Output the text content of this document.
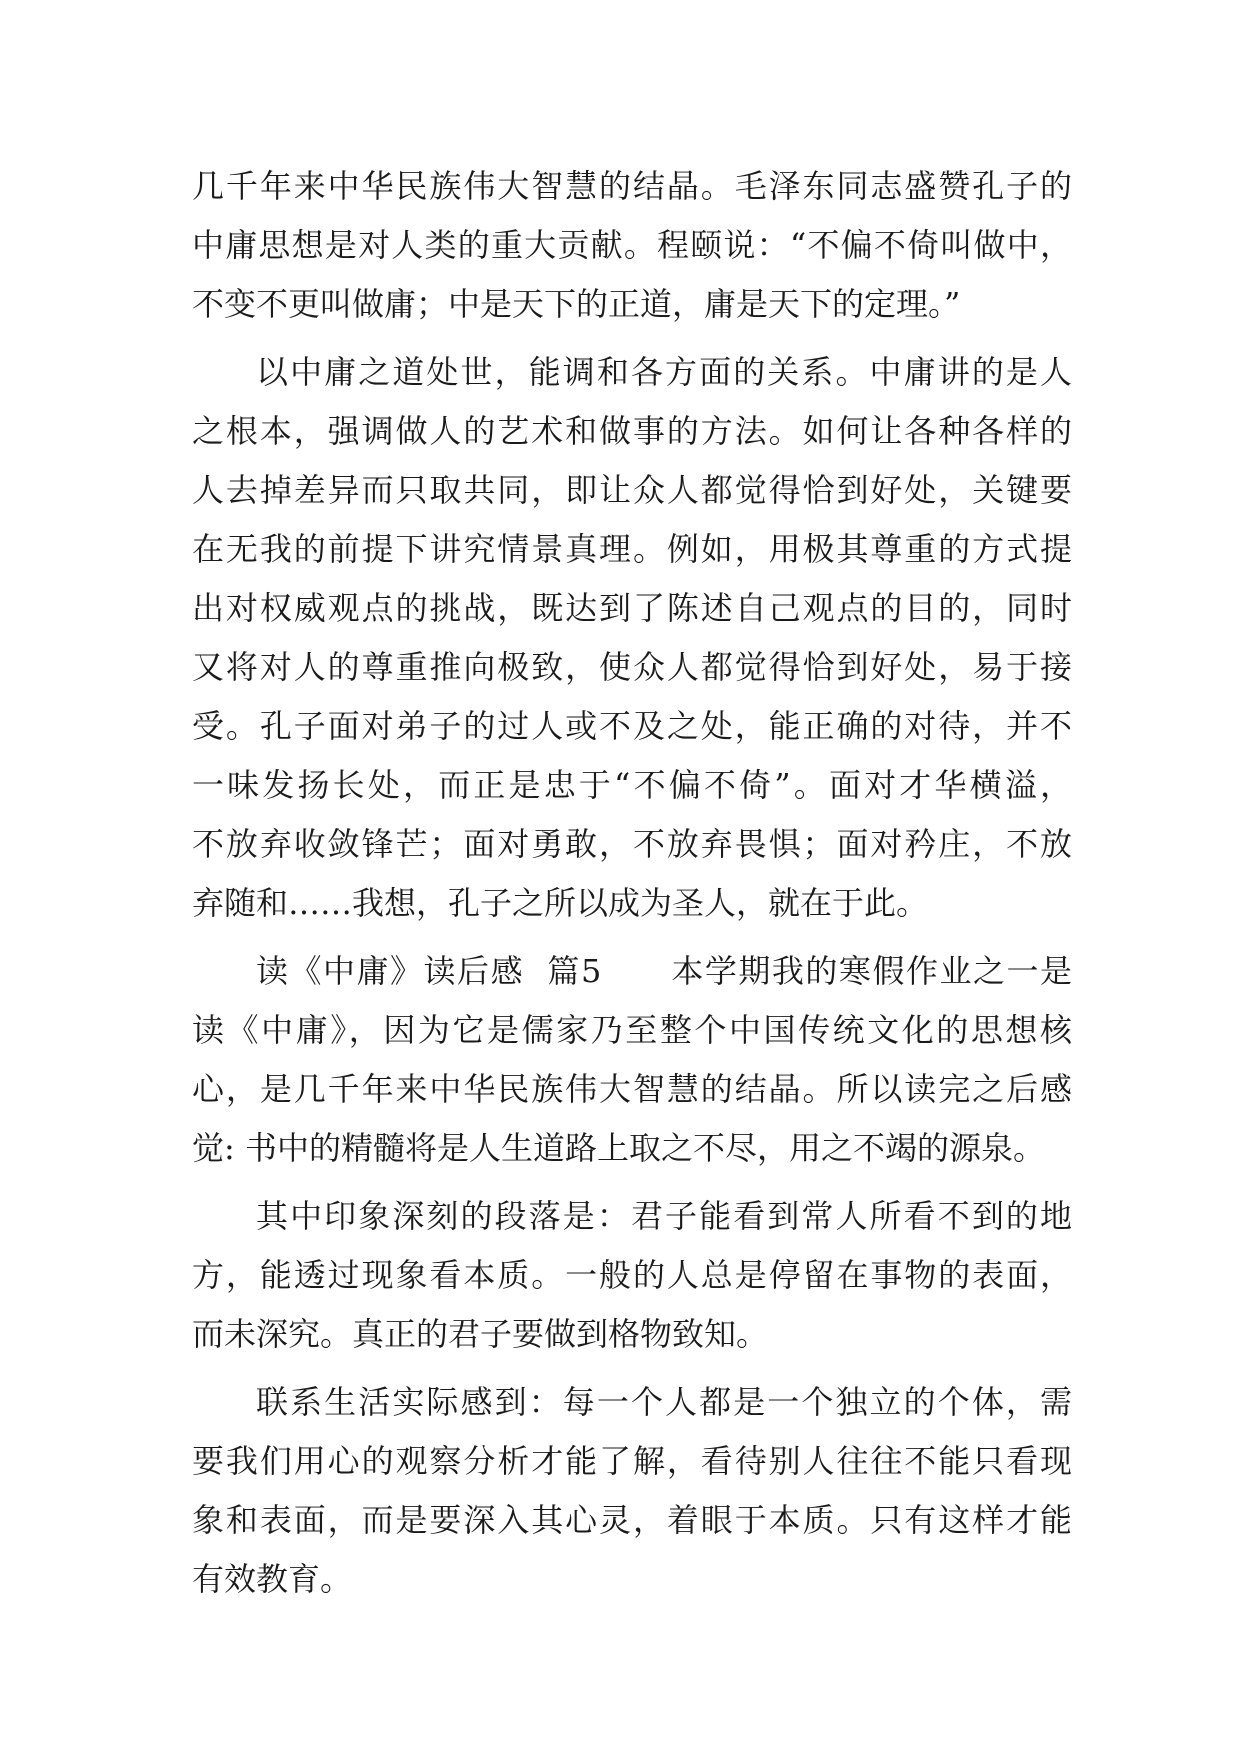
几千年来中华民族伟大智慧的结晶。毛泽东同志盛赞孔子的
中庸思想是对人类的重大贡献。程颐说：“不偏不倚叫做中，
不变不更叫做庸；中是天下的正道，庸是天下的定理。”
以中庸之道处世，能调和各方面的关系。中庸讲的是人
之根本，强调做人的艺术和做事的方法。如何让各种各样的
人去掉差异而只取共同，即让众人都觉得恰到好处，关键要
在无我的前提下讲究情景真理。例如，用极其尊重的方式提
出对权威观点的挑战，既达到了陈述自己观点的目的，同时
又将对人的尊重推向极致，使众人都觉得恰到好处，易于接
受。孔子面对弟子的过人或不及之处，能正确的对待，并不
一味发扬长处，而正是忠于“不偏不倚”。面对才华横溢，
不放弃收敛锋芒；面对勇敢，不放弃畏惧；面对矜庄，不放
弃随和……我想，孔子之所以成为圣人，就在于此。
读《中庸》读后感  篇5      本学期我的寒假作业之一是
读《中庸》，因为它是儒家乃至整个中国传统文化的思想核
心，是几千年来中华民族伟大智慧的结晶。所以读完之后感
觉: 书中的精髓将是人生道路上取之不尽，用之不竭的源泉。
其中印象深刻的段落是：君子能看到常人所看不到的地
方，能透过现象看本质。一般的人总是停留在事物的表面，
而未深究。真正的君子要做到格物致知。
联系生活实际感到：每一个人都是一个独立的个体，需
要我们用心的观察分析才能了解，看待别人往往不能只看现
象和表面，而是要深入其心灵，着眼于本质。只有这样才能
有效教育。
